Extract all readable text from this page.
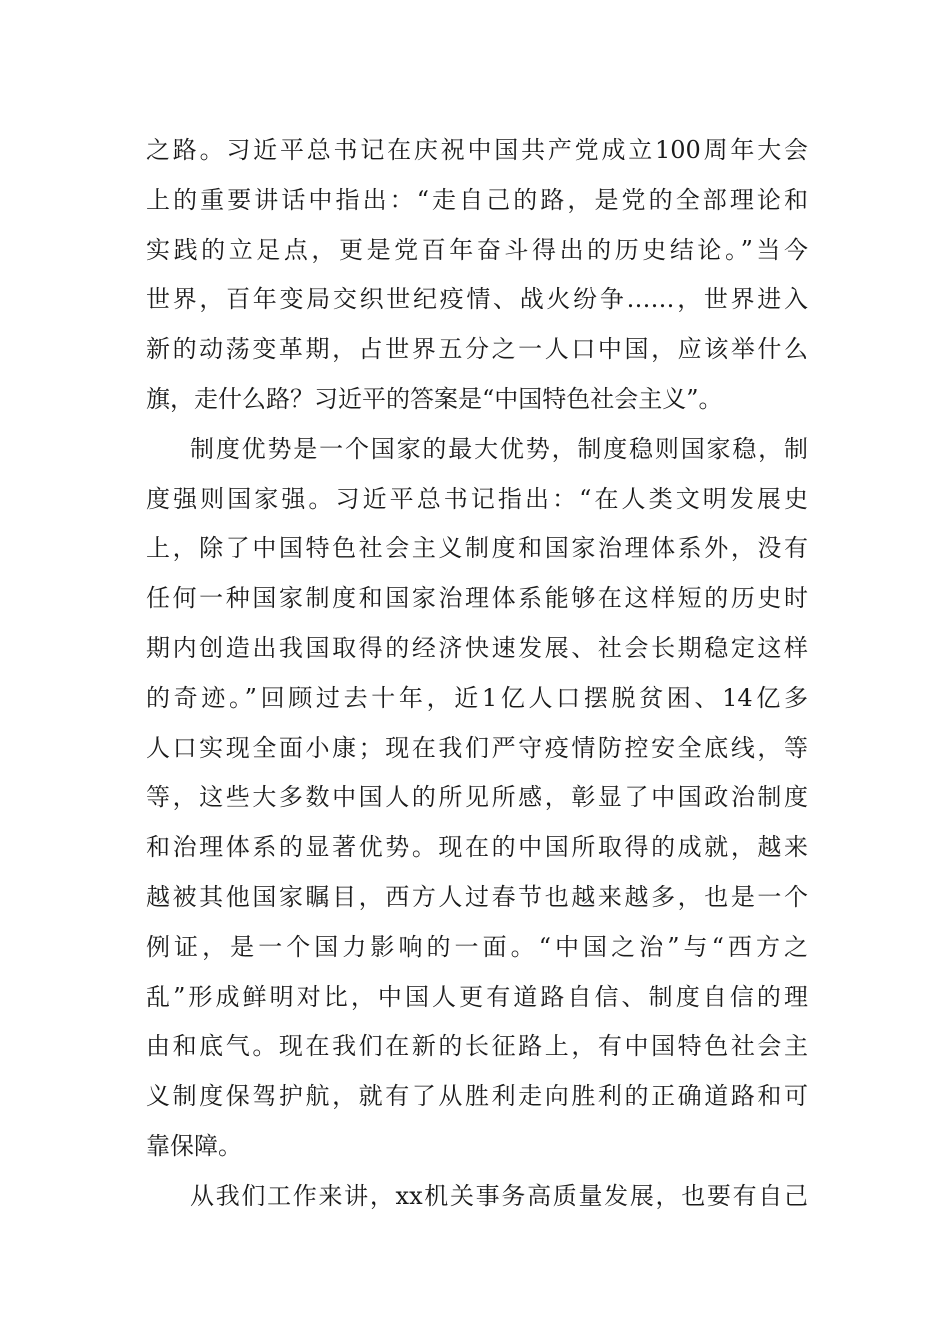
之路。习近平总书记在庆祝中国共产党成立100周年大会
上的重要讲话中指出：“走自己的路，是党的全部理论和
实践的立足点，更是党百年奋斗得出的历史结论。”当今
世界，百年变局交织世纪疫情、战火纷争……，世界进入
新的动荡变革期，占世界五分之一人口中国，应该举什么
旗，走什么路？习近平的答案是“中国特色社会主义”。
制度优势是一个国家的最大优势，制度稳则国家稳，制
度强则国家强。习近平总书记指出：“在人类文明发展史
上，除了中国特色社会主义制度和国家治理体系外，没有
任何一种国家制度和国家治理体系能够在这样短的历史时
期内创造出我国取得的经济快速发展、社会长期稳定这样
的奇迹。”回顾过去十年，近1亿人口摆脱贫困、14亿多
人口实现全面小康；现在我们严守疫情防控安全底线，等
等，这些大多数中国人的所见所感，彰显了中国政治制度
和治理体系的显著优势。现在的中国所取得的成就，越来
越被其他国家瞩目，西方人过春节也越来越多，也是一个
例证，是一个国力影响的一面。“中国之治”与“西方之
乱”形成鲜明对比，中国人更有道路自信、制度自信的理
由和底气。现在我们在新的长征路上，有中国特色社会主
义制度保驾护航，就有了从胜利走向胜利的正确道路和可
靠保障。
从我们工作来讲，xx机关事务高质量发展，也要有自己
